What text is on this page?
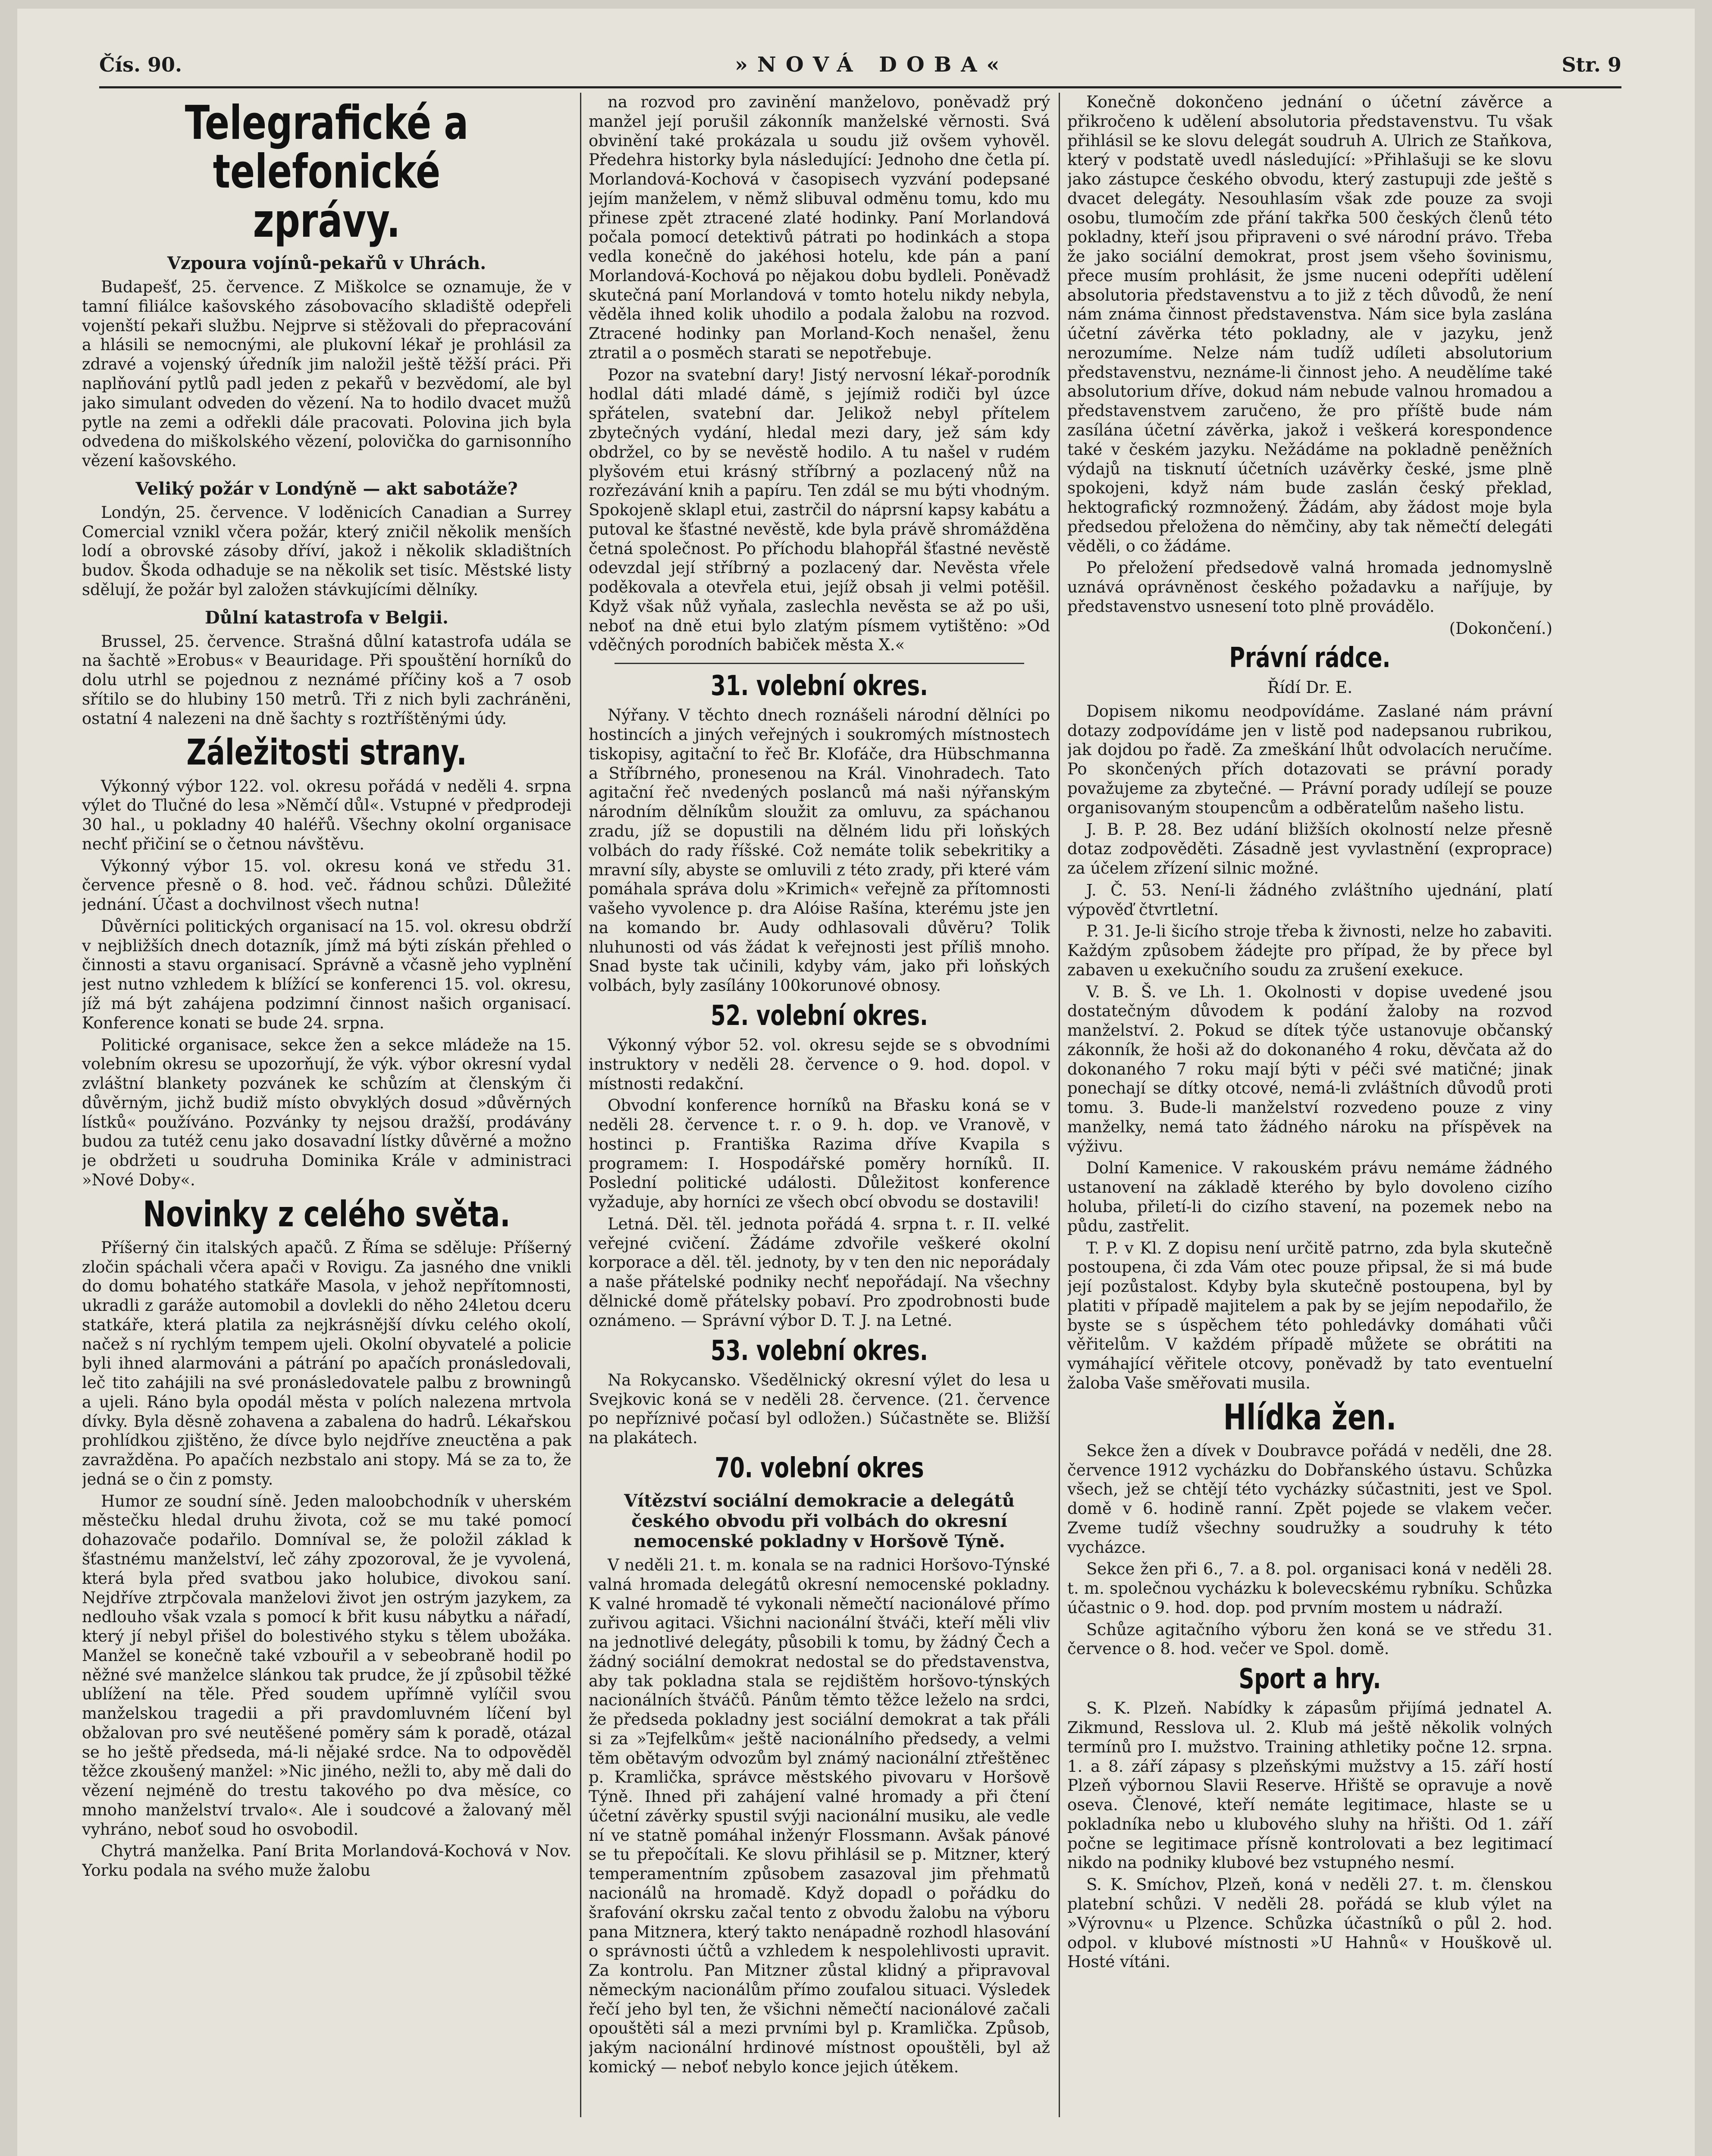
Čís. 90.	»NOVÁ DOBA«	Str. 9
Telegrafické a telefonické zprávy.
Vzpoura vojínů-pekařů v Uhrách.

Budapešť, 25. července. Z Miškolce se oznamuje, že v tamní filiálce kašovského zásobovacího skladiště odepřeli vojenští pekaři službu. Nejprve si stěžovali do přepracování a hlásili se nemocnými, ale plukovní lékař je prohlásil za zdravé a vojenský úředník jim naložil ještě těžší práci. Při naplňování pytlů padl jeden z pekařů v bezvědomí, ale byl jako simulant odveden do vězení. Na to hodilo dvacet mužů pytle na zemi a odřekli dále pracovati. Polovina jich byla odvedena do miškolského vězení, polovička do garnisonního vězení kašovského.

Veliký požár v Londýně — akt sabotáže?

Londýn, 25. července. V loděnicích Canadian a Surrey Comercial vznikl včera požár, který zničil několik menších lodí a obrovské zásoby dříví, jakož i několik skladištních budov. Škoda odhaduje se na několik set tisíc. Městské listy sdělují, že požár byl založen stávkujícími dělníky.

Důlní katastrofa v Belgii.

Brussel, 25. července. Strašná důlní katastrofa udála se na šachtě »Erobus« v Beauridage. Při spouštění horníků do dolu utrhl se pojednou z neznámé příčiny koš a 7 osob sřítilo se do hlubiny 150 metrů. Tři z nich byli zachráněni, ostatní 4 nalezeni na dně šachty s roztříštěnými údy.

Záležitosti strany.

Výkonný výbor 122. vol. okresu pořádá v neděli 4. srpna výlet do Tlučné do lesa »Němčí důl«. Vstupné v předprodeji 30 hal., u pokladny 40 haléřů. Všechny okolní organisace nechť přičiní se o četnou návštěvu.

Výkonný výbor 15. vol. okresu koná ve středu 31. července přesně o 8. hod. več. řádnou schůzi. Důležité jednání. Účast a dochvilnost všech nutna!

Důvěrníci politických organisací na 15. vol. okresu obdrží v nejbližších dnech dotazník, jímž má býti získán přehled o činnosti a stavu organisací. Správně a včasně jeho vyplnění jest nutno vzhledem k blížící se konferenci 15. vol. okresu, jíž má být zahájena podzimní činnost našich organisací. Konference konati se bude 24. srpna.

Politické organisace, sekce žen a sekce mládeže na 15. volebním okresu se upozorňují, že výk. výbor okresní vydal zvláštní blankety pozvánek ke schůzím at členským či důvěrným, jichž budiž místo obvyklých dosud »důvěrných lístků« používáno. Pozvánky ty nejsou dražší, prodávány budou za tutéž cenu jako dosavadní lístky důvěrné a možno je obdržeti u soudruha Dominika Krále v administraci »Nové Doby«.

Novinky z celého světa.

Příšerný čin italských apačů. Z Říma se sděluje: Příšerný zločin spáchali včera apači v Rovigu. Za jasného dne vnikli do domu bohatého statkáře Masola, v jehož nepřítomnosti, ukradli z garáže automobil a dovlekli do něho 24letou dceru statkáře, která platila za nejkrásnější dívku celého okolí, načež s ní rychlým tempem ujeli. Okolní obyvatelé a policie byli ihned alarmováni a pátrání po apačích pronásledovali, leč tito zahájili na své pronásledovatele palbu z browningů a ujeli. Ráno byla opodál města v polích nalezena mrtvola dívky. Byla děsně zohavena a zabalena do hadrů. Lékařskou prohlídkou zjištěno, že dívce bylo nejdříve zneuctěna a pak zavražděna. Po apačích nezbstalo ani stopy. Má se za to, že jedná se o čin z pomsty.

Humor ze soudní síně. Jeden maloobchodník v uherském městečku hledal druhu života, což se mu také pomocí dohazovače podařilo. Domníval se, že položil základ k šťastnému manželství, leč záhy zpozoroval, že je vyvolená, která byla před svatbou jako holubice, divokou saní. Nejdříve ztrpčovala manželovi život jen ostrým jazykem, za nedlouho však vzala s pomocí k břit kusu nábytku a nářadí, který jí nebyl přišel do bolestivého styku s tělem ubožáka. Manžel se konečně také vzbouřil a v sebeobraně hodil po něžné své manželce slánkou tak prudce, že jí způsobil těžké ublížení na těle. Před soudem upřímně vylíčil svou manželskou tragedii a při pravdomluvném líčení byl obžalovan pro své neutěšené poměry sám k poradě, otázal se ho ještě předseda, má-li nějaké srdce. Na to odpověděl těžce zkoušený manžel: »Nic jiného, nežli to, aby mě dali do vězení nejméně do trestu takového po dva měsíce, co mnoho manželství trvalo«. Ale i soudcové a žalovaný měl vyhráno, neboť soud ho osvobodil.

Chytrá manželka. Paní Brita Morlandová-Kochová v Nov. Yorku podala na svého muže žalobu

na rozvod pro zavinění manželovo, poněvadž prý manžel její porušil zákonník manželské věrnosti. Svá obvinění také prokázala u soudu již ovšem vyhověl. Předehra historky byla následující: Jednoho dne četla pí. Morlandová-Kochová v časopisech vyzvání podepsané jejím manželem, v němž slibuval odměnu tomu, kdo mu přinese zpět ztracené zlaté hodinky. Paní Morlandová počala pomocí detektivů pátrati po hodinkách a stopa vedla konečně do jakéhosi hotelu, kde pán a paní Morlandová-Kochová po nějakou dobu bydleli. Poněvadž skutečná paní Morlandová v tomto hotelu nikdy nebyla, věděla ihned kolik uhodilo a podala žalobu na rozvod. Ztracené hodinky pan Morland-Koch nenašel, ženu ztratil a o posměch starati se nepotřebuje.

Pozor na svatební dary! Jistý nervosní lékař-porodník hodlal dáti mladé dámě, s jejímiž rodiči byl úzce spřátelen, svatební dar. Jelikož nebyl přítelem zbytečných vydání, hledal mezi dary, jež sám kdy obdržel, co by se nevěstě hodilo. A tu našel v rudém plyšovém etui krásný stříbrný a pozlacený nůž na rozřezávání knih a papíru. Ten zdál se mu býti vhodným. Spokojeně sklapl etui, zastrčil do náprsní kapsy kabátu a putoval ke šťastné nevěstě, kde byla právě shromážděna četná společnost. Po příchodu blahopřál šťastné nevěstě odevzdal její stříbrný a pozlacený dar. Nevěsta vřele poděkovala a otevřela etui, jejíž obsah ji velmi potěšil. Když však nůž vyňala, zaslechla nevěsta se až po uši, neboť na dně etui bylo zlatým písmem vytištěno: »Od vděčných porodních babiček města X.«

31. volební okres.

Nýřany. V těchto dnech roznášeli národní dělníci po hostincích a jiných veřejných i soukromých místnostech tiskopisy, agitační to řeč Br. Klofáče, dra Hübschmanna a Stříbrného, pronesenou na Král. Vinohradech. Tato agitační řeč nvedených poslanců má naši nýřanským národním dělníkům sloužit za omluvu, za spáchanou zradu, jíž se dopustili na dělném lidu při loňských volbách do rady říšské. Což nemáte tolik sebekritiky a mravní síly, abyste se omluvili z této zrady, při které vám pomáhala správa dolu »Krimich« veřejně za přítomnosti vašeho vyvolence p. dra Alóise Rašína, kterému jste jen na komando br. Audy odhlasovali důvěru? Tolik nluhunosti od vás žádat k veřejnosti jest příliš mnoho. Snad byste tak učinili, kdyby vám, jako při loňských volbách, byly zasílány 100korunové obnosy.

52. volební okres.

Výkonný výbor 52. vol. okresu sejde se s obvodními instruktory v neděli 28. července o 9. hod. dopol. v místnosti redakční.

Obvodní konference horníků na Břasku koná se v neděli 28. července t. r. o 9. h. dop. ve Vranově, v hostinci p. Františka Razima dříve Kvapila s programem: I. Hospodářské poměry horníků. II. Poslední politické události. Důležitost konference vyžaduje, aby horníci ze všech obcí obvodu se dostavili!

Letná. Děl. těl. jednota pořádá 4. srpna t. r. II. velké veřejné cvičení. Žádáme zdvořile veškeré okolní korporace a děl. těl. jednoty, by v ten den nic neporádaly a naše přátelské podniky nechť nepořádají. Na všechny dělnické domě přátelsky pobaví. Pro zpodrobnosti bude oznámeno. — Správní výbor D. T. J. na Letné.

53. volební okres.

Na Rokycansko. Všedělnický okresní výlet do lesa u Svejkovic koná se v neděli 28. července. (21. července po nepříznivé počasí byl odložen.) Súčastněte se. Bližší na plakátech.

70. volební okres
Vítězství sociální demokracie a delegátů českého obvodu při volbách do okresní nemocenské pokladny v Horšově Týně.

V neděli 21. t. m. konala se na radnici Horšovo-Týnské valná hromada delegátů okresní nemocenské pokladny. K valné hromadě té vykonali němečtí nacionálové přímo zuřivou agitaci. Všichni nacionální štváči, kteří měli vliv na jednotlivé delegáty, působili k tomu, by žádný Čech a žádný sociální demokrat nedostal se do představenstva, aby tak pokladna stala se rejdištěm horšovo-týnských nacionálních štváčů. Pánům těmto těžce leželo na srdci, že předseda pokladny jest sociální demokrat a tak přáli si za »Tejfelkům« ještě nacionálního předsedy, a velmi těm obětavým odvozům byl známý nacionální ztřeštěnec p. Kramlička, správce městského pivovaru v Horšově Týně. Ihned při zahájení valné hromady a při čtení účetní závěrky spustil svýji nacionální musiku, ale vedle ní ve statně pomáhal inženýr Flossmann. Avšak pánové se tu přepočítali. Ke slovu přihlásil se p. Mitzner, který temperamentním způsobem zasazoval jim přehmatů nacionálů na hromadě. Když dopadl o pořádku do šrafování okrsku začal tento z obvodu žalobu na výboru pana Mitznera, který takto nenápadně rozhodl hlasování o správnosti účtů a vzhledem k nespolehlivosti upravit. Za kontrolu. Pan Mitzner zůstal klidný a připravoval německým nacionálům přímo zoufalou situaci. Výsledek řečí jeho byl ten, že všichni němečtí nacionálové začali opouštěti sál a mezi prvními byl p. Kramlička. Způsob, jakým nacionální hrdinové místnost opouštěli, byl až komický — neboť nebylo konce jejich útěkem.

Konečně dokončeno jednání o účetní závěrce a přikročeno k udělení absolutoria představenstvu. Tu však přihlásil se ke slovu delegát soudruh A. Ulrich ze Staňkova, který v podstatě uvedl následující: »Přihlašuji se ke slovu jako zástupce českého obvodu, který zastupuji zde ještě s dvacet delegáty. Nesouhlasím však zde pouze za svoji osobu, tlumočím zde přání takřka 500 českých členů této pokladny, kteří jsou připraveni o své národní právo. Třeba že jako sociální demokrat, prost jsem všeho šovinismu, přece musím prohlásit, že jsme nuceni odepříti udělení absolutoria představenstvu a to již z těch důvodů, že není nám známa činnost představenstva. Nám sice byla zaslána účetní závěrka této pokladny, ale v jazyku, jenž nerozumíme. Nelze nám tudíž udíleti absolutorium představenstvu, neznáme-li činnost jeho. A neudělíme také absolutorium dříve, dokud nám nebude valnou hromadou a představenstvem zaručeno, že pro příště bude nám zasílána účetní závěrka, jakož i veškerá korespondence také v českém jazyku. Nežádáme na pokladně peněžních výdajů na tisknutí účetních uzávěrky české, jsme plně spokojeni, když nám bude zaslán český překlad, hektografický rozmnožený. Žádám, aby žádost moje byla předsedou přeložena do němčiny, aby tak němečtí delegáti věděli, o co žádáme.

Po přeložení předsedově valná hromada jednomyslně uznává oprávněnost českého požadavku a naříjuje, by představenstvo usnesení toto plně provádělo.

(Dokončení.)
Právní rádce.
Řídí Dr. E.

Dopisem nikomu neodpovídáme. Zaslané nám právní dotazy zodpovídáme jen v listě pod nadepsanou rubrikou, jak dojdou po řadě. Za zmeškání lhůt odvolacích neručíme. Po skončených přích dotazovati se právní porady považujeme za zbytečné. — Právní porady udílejí se pouze organisovaným stoupencům a odběratelům našeho listu.

J. B. P. 28. Bez udání bližších okolností nelze přesně dotaz zodpověděti. Zásadně jest vyvlastnění (exproprace) za účelem zřízení silnic možné.

J. Č. 53. Není-li žádného zvláštního ujednání, platí výpověď čtvrtletní.

P. 31. Je-li šicího stroje třeba k živnosti, nelze ho zabaviti. Každým způsobem žádejte pro případ, že by přece byl zabaven u exekučního soudu za zrušení exekuce.

V. B. Š. ve Lh. 1. Okolnosti v dopise uvedené jsou dostatečným důvodem k podání žaloby na rozvod manželství. 2. Pokud se dítek týče ustanovuje občanský zákonník, že hoši až do dokonaného 4 roku, děvčata až do dokonaného 7 roku mají býti v péči své matičné; jinak ponechají se dítky otcové, nemá-li zvláštních důvodů proti tomu. 3. Bude-li manželství rozvedeno pouze z viny manželky, nemá tato žádného nároku na příspěvek na výživu.

Dolní Kamenice. V rakouském právu nemáme žádného ustanovení na základě kterého by bylo dovoleno cizího holuba, přiletí-li do cizího stavení, na pozemek nebo na půdu, zastřelit.

T. P. v Kl. Z dopisu není určitě patrno, zda byla skutečně postoupena, či zda Vám otec pouze připsal, že si má bude její pozůstalost. Kdyby byla skutečně postoupena, byl by platiti v případě majitelem a pak by se jejím nepodařilo, že byste se s úspěchem této pohledávky domáhati vůči věřitelům. V každém případě můžete se obrátiti na vymáhající věřitele otcovy, poněvadž by tato eventuelní žaloba Vaše směřovati musila.

Hlídka žen.

Sekce žen a dívek v Doubravce pořádá v neděli, dne 28. července 1912 vycházku do Dobřanského ústavu. Schůzka všech, jež se chtějí této vycházky súčastniti, jest ve Spol. domě v 6. hodině ranní. Zpět pojede se vlakem večer. Zveme tudíž všechny soudružky a soudruhy k této vycházce.

Sekce žen při 6., 7. a 8. pol. organisaci koná v neděli 28. t. m. společnou vycházku k bolevecskému rybníku. Schůzka účastnic o 9. hod. dop. pod prvním mostem u nádraží.

Schůze agitačního výboru žen koná se ve středu 31. července o 8. hod. večer ve Spol. domě.

Sport a hry.

S. K. Plzeň. Nabídky k zápasům přijímá jednatel A. Zikmund, Resslova ul. 2. Klub má ještě několik volných termínů pro I. mužstvo. Training athletiky počne 12. srpna. 1. a 8. září zápasy s plzeňskými mužstvy a 15. září hostí Plzeň výbornou Slavii Reserve. Hřiště se opravuje a nově oseva. Členové, kteří nemáte legitimace, hlaste se u pokladníka nebo u klubového sluhy na hřišti. Od 1. září počne se legitimace přísně kontrolovati a bez legitimací nikdo na podniky klubové bez vstupného nesmí.

S. K. Smíchov, Plzeň, koná v neděli 27. t. m. členskou platební schůzi. V neděli 28. pořádá se klub výlet na »Výrovnu« u Plzence. Schůzka účastníků o půl 2. hod. odpol. v klubové místnosti »U Hahnů« v Houškově ul. Hosté vítáni.
